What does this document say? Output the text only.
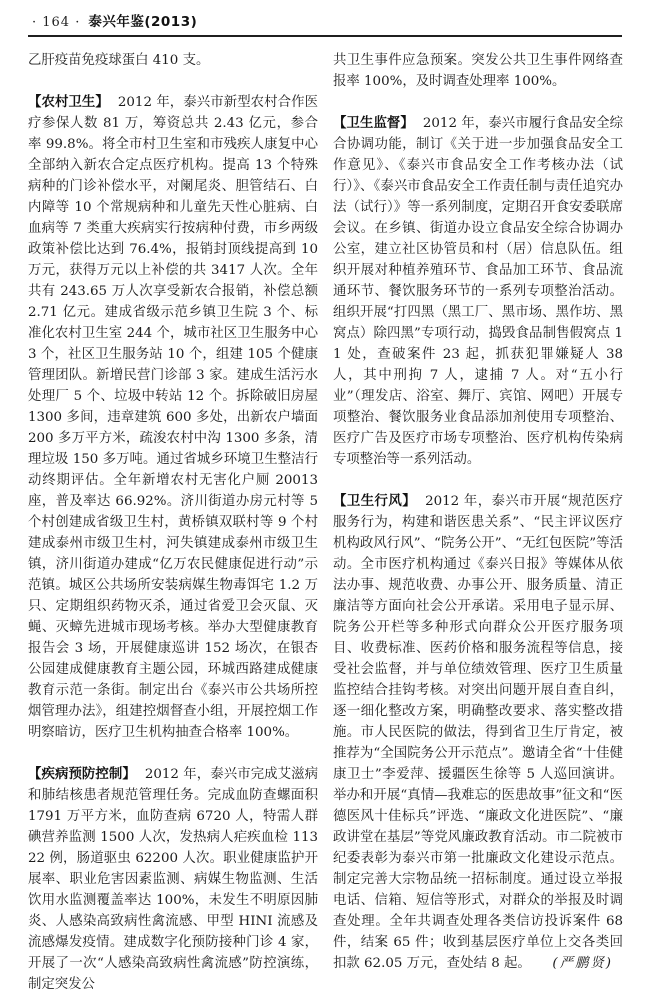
· 164 · 泰兴年鉴(2013)

乙肝疫苗免疫球蛋白 410 支。

【农村卫生】 2012 年，泰兴市新型农村合作医疗参保人数 81 万，筹资总共 2.43 亿元，参合率 99.8%。将全市村卫生室和市残疾人康复中心全部纳入新农合定点医疗机构。提高 13 个特殊病种的门诊补偿水平，对阑尾炎、胆管结石、白内障等 10 个常规病种和儿童先天性心脏病、白血病等 7 类重大疾病实行按病种付费，市乡两级政策补偿比达到 76.4%，报销封顶线提高到 10 万元，获得万元以上补偿的共 3417 人次。全年共有 243.65 万人次享受新农合报销，补偿总额 2.71 亿元。建成省级示范乡镇卫生院 3 个、标准化农村卫生室 244 个，城市社区卫生服务中心 3 个，社区卫生服务站 10 个，组建 105 个健康管理团队。新增民营门诊部 3 家。建成生活污水处理厂 5 个、垃圾中转站 12 个。拆除破旧房屋 1300 多间，违章建筑 600 多处，出新农户墙面 200 多万平方米，疏浚农村中沟 1300 多条，清理垃圾 150 多万吨。通过省城乡环境卫生整洁行动终期评估。全年新增农村无害化户厕 20013 座，普及率达 66.92%。济川街道办房元村等 5 个村创建成省级卫生村，黄桥镇双联村等 9 个村建成泰州市级卫生村，河失镇建成泰州市级卫生镇，济川街道办建成“亿万农民健康促进行动”示范镇。城区公共场所安装病媒生物毒饵宅 1.2 万只、定期组织药物灭杀，通过省爱卫会灭鼠、灭蝇、灭蟑先进城市现场考核。举办大型健康教育报告会 3 场，开展健康巡讲 152 场次，在银杏公园建成健康教育主题公园，环城西路建成健康教育示范一条街。制定出台《泰兴市公共场所控烟管理办法》，组建控烟督查小组，开展控烟工作明察暗访，医疗卫生机构抽查合格率 100%。

【疾病预防控制】 2012 年，泰兴市完成艾滋病和肺结核患者规范管理任务。完成血防查螺面积 1791 万平方米，血防查病 6720 人，特需人群碘营养监测 1500 人次，发热病人疟疾血检 11322 例，肠道驱虫 62200 人次。职业健康监护开展率、职业危害因素监测、病媒生物监测、生活饮用水监测覆盖率达 100%，未发生不明原因肺炎、人感染高致病性禽流感、甲型 HINI 流感及流感爆发疫情。建成数字化预防接种门诊 4 家，开展了一次“人感染高致病性禽流感”防控演练，制定突发公

共卫生事件应急预案。突发公共卫生事件网络查报率 100%，及时调查处理率 100%。

【卫生监督】 2012 年，泰兴市履行食品安全综合协调功能，制订《关于进一步加强食品安全工作意见》、《泰兴市食品安全工作考核办法（试行）》、《泰兴市食品安全工作责任制与责任追究办法（试行）》等一系列制度，定期召开食安委联席会议。在乡镇、街道办设立食品安全综合协调办公室，建立社区协管员和村（居）信息队伍。组织开展对种植养殖环节、食品加工环节、食品流通环节、餐饮服务环节的一系列专项整治活动。组织开展“打四黑（黑工厂、黑市场、黑作坊、黑窝点）除四黑”专项行动，捣毁食品制售假窝点 11 处，查破案件 23 起，抓获犯罪嫌疑人 38 人，其中刑拘 7 人，逮捕 7 人。对“五小行业”（理发店、浴室、舞厅、宾馆、网吧）开展专项整治、餐饮服务业食品添加剂使用专项整治、医疗广告及医疗市场专项整治、医疗机构传染病专项整治等一系列活动。

【卫生行风】 2012 年，泰兴市开展“规范医疗服务行为，构建和谐医患关系”、“民主评议医疗机构政风行风”、“院务公开”、“无红包医院”等活动。全市医疗机构通过《泰兴日报》等媒体从依法办事、规范收费、办事公开、服务质量、清正廉洁等方面向社会公开承诺。采用电子显示屏、院务公开栏等多种形式向群众公开医疗服务项目、收费标准、医药价格和服务流程等信息，接受社会监督，并与单位绩效管理、医疗卫生质量监控结合挂钩考核。对突出问题开展自查自纠，逐一细化整改方案，明确整改要求、落实整改措施。市人民医院的做法，得到省卫生厅肯定，被推荐为“全国院务公开示范点”。邀请全省“十佳健康卫士”李爱萍、援疆医生徐等 5 人巡回演讲。举办和开展“真情—我难忘的医患故事”征文和“医德医风十佳标兵”评选、“廉政文化进医院”、“廉政讲堂在基层”等党风廉政教育活动。市二院被市纪委表彰为泰兴市第一批廉政文化建设示范点。制定完善大宗物品统一招标制度。通过设立举报电话、信箱、短信等形式，对群众的举报及时调查处理。全年共调查处理各类信访投诉案件 68 件，结案 65 件；收到基层医疗单位上交各类回扣款 62.05 万元，查处结 8 起。 (严鹏贤)
